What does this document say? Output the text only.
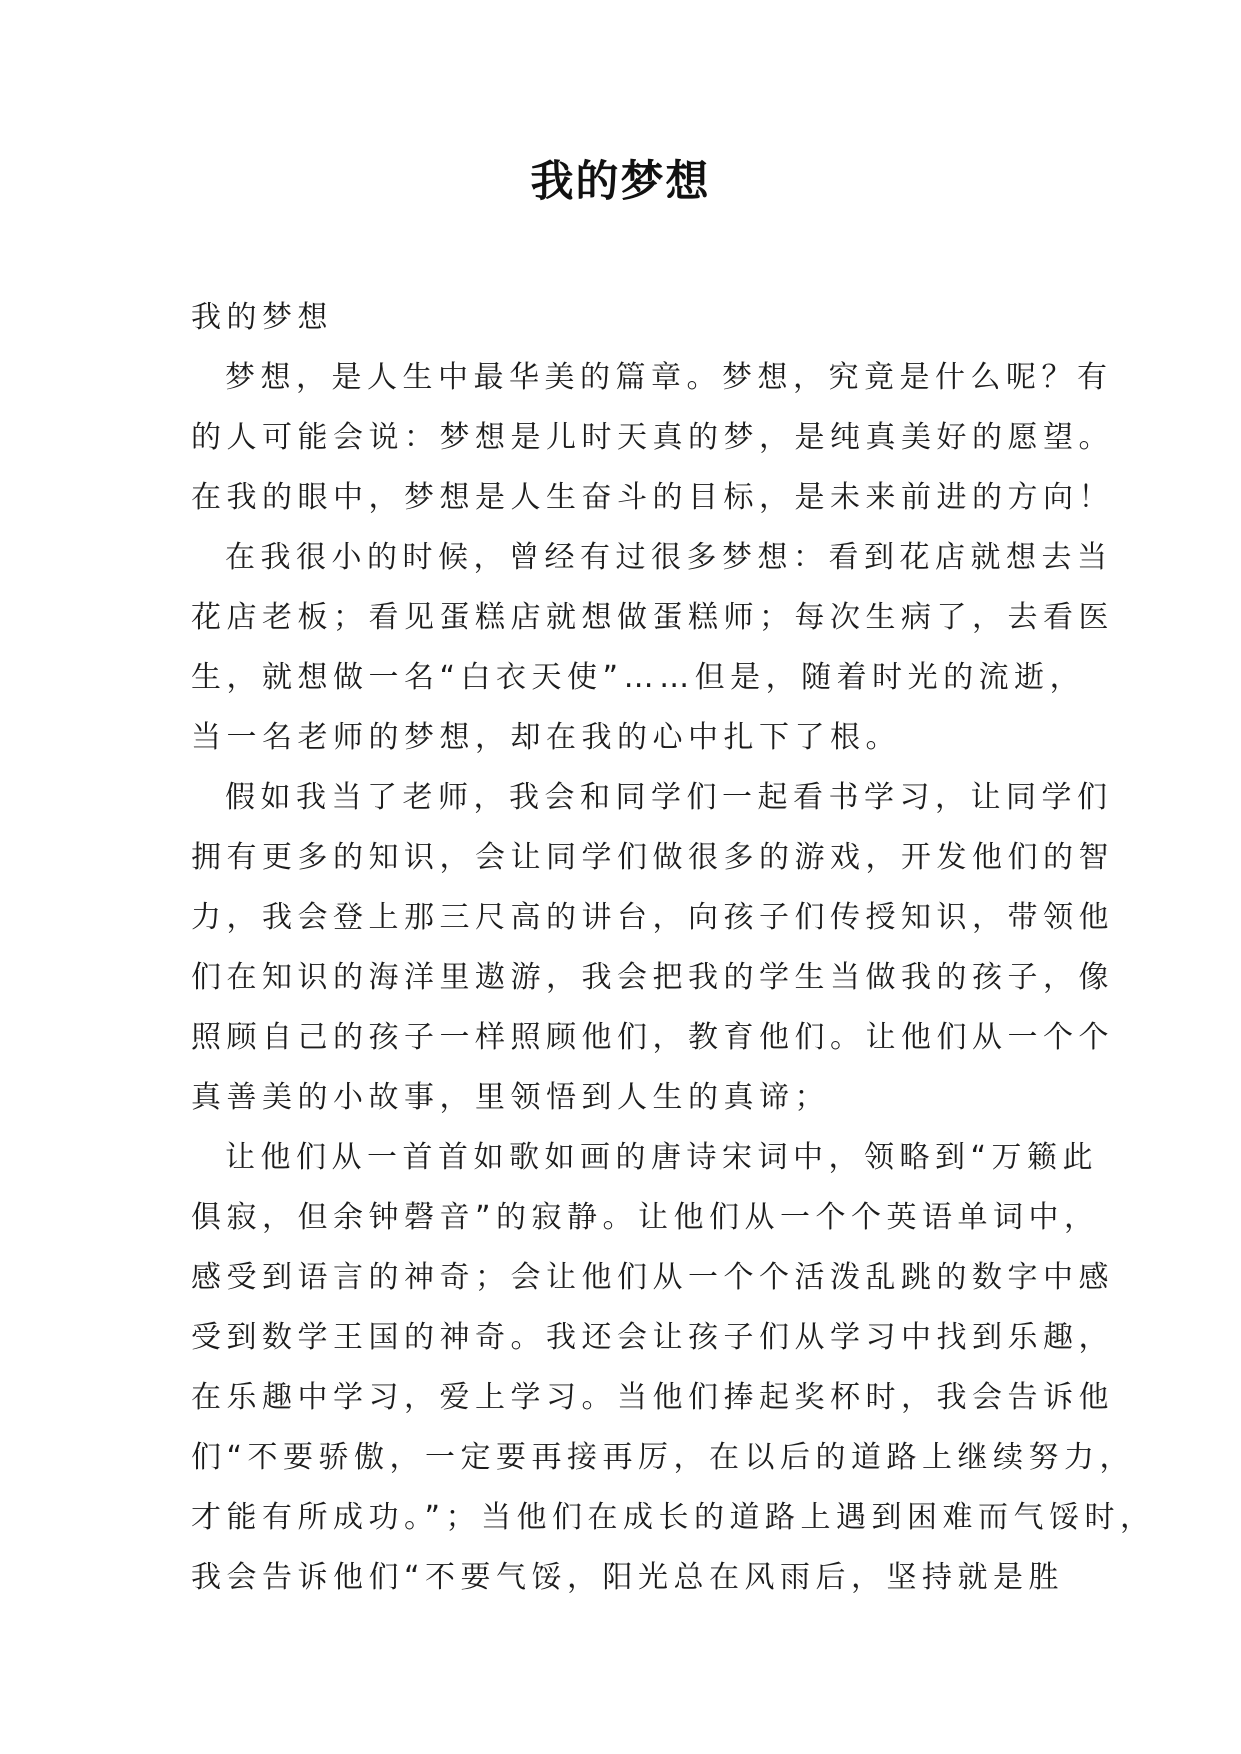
我的梦想
我的梦想
梦想，是人生中最华美的篇章。梦想，究竟是什么呢？有
的人可能会说：梦想是儿时天真的梦，是纯真美好的愿望。
在我的眼中，梦想是人生奋斗的目标，是未来前进的方向！
在我很小的时候，曾经有过很多梦想：看到花店就想去当
花店老板；看见蛋糕店就想做蛋糕师；每次生病了，去看医
生，就想做一名“白衣天使”……但是，随着时光的流逝，
当一名老师的梦想，却在我的心中扎下了根。
假如我当了老师，我会和同学们一起看书学习，让同学们
拥有更多的知识，会让同学们做很多的游戏，开发他们的智
力，我会登上那三尺高的讲台，向孩子们传授知识，带领他
们在知识的海洋里遨游，我会把我的学生当做我的孩子，像
照顾自己的孩子一样照顾他们，教育他们。让他们从一个个
真善美的小故事，里领悟到人生的真谛；
让他们从一首首如歌如画的唐诗宋词中，领略到“万籁此
俱寂，但余钟磬音”的寂静。让他们从一个个英语单词中，
感受到语言的神奇；会让他们从一个个活泼乱跳的数字中感
受到数学王国的神奇。我还会让孩子们从学习中找到乐趣，
在乐趣中学习，爱上学习。当他们捧起奖杯时，我会告诉他
们“不要骄傲，一定要再接再厉，在以后的道路上继续努力，
才能有所成功。”；当他们在成长的道路上遇到困难而气馁时，
我会告诉他们“不要气馁，阳光总在风雨后，坚持就是胜
